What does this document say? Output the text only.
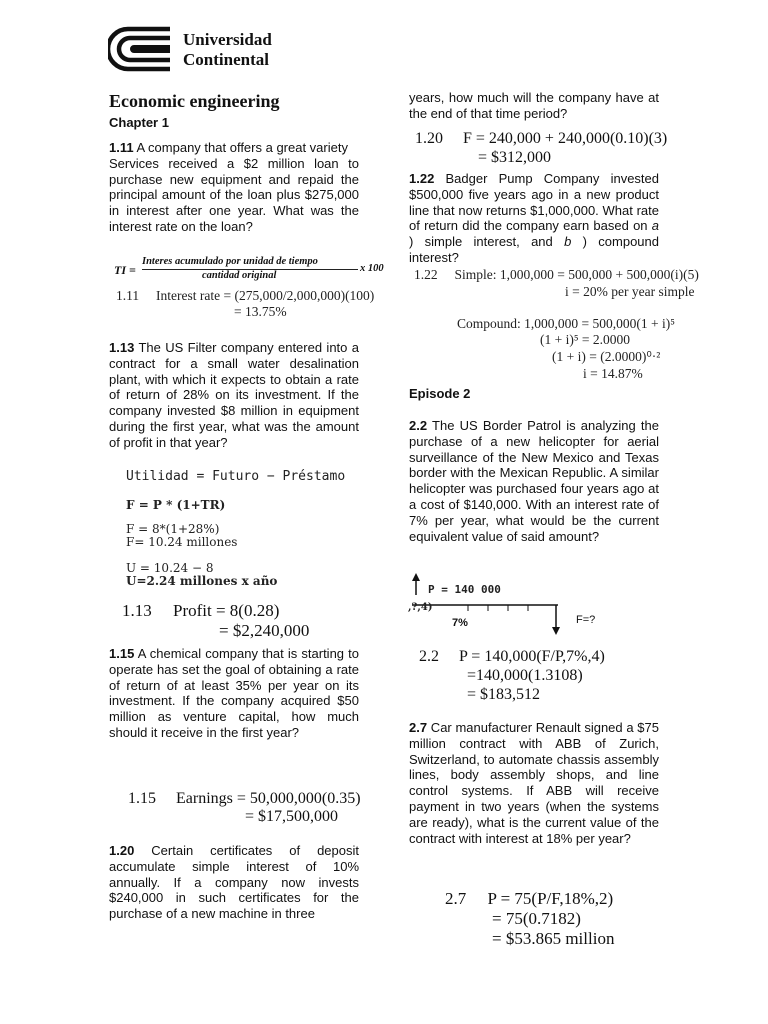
Universidad
Continental
Economic engineering
Chapter 1

1.11 A company that offers a great variety

Services received a $2 million loan to purchase new equipment and repaid the principal amount of the loan plus $275,000 in interest after one year. What was the interest rate on the loan?

TI =
Interes acumulado por unidad de tiempo
cantidad original
x 100
1.11     Interest rate = (275,000/2,000,000)(100)
= 13.75%

1.13 The US Filter company entered into a contract for a small water desalination plant, with which it expects to obtain a rate of return of 28% on its investment. If the company invested $8 million in equipment during the first year, what was the amount of profit in that year?

Utilidad = Futuro − Préstamo
F = P * (1+TR)
F = 8*(1+28%)
F= 10.24 millones
U = 10.24 − 8
U=2.24 millones x año
1.13     Profit = 8(0.28)
= $2,240,000

1.15 A chemical company that is starting to operate has set the goal of obtaining a rate of return of at least 35% per year on its investment. If the company acquired $50 million as venture capital, how much should it receive in the first year?

1.15     Earnings = 50,000,000(0.35)
= $17,500,000

1.20 Certain certificates of deposit accumulate simple interest of 10% annually. If a company now invests $240,000 in such certificates for the purchase of a new machine in three

years, how much will the company have at the end of that time period?

1.20     F = 240,000 + 240,000(0.10)(3)
= $312,000

1.22 Badger Pump Company invested $500,000 five years ago in a new product line that now returns $1,000,000. What rate of return did the company earn based on a ) simple interest, and b ) compound interest?

1.22     Simple: 1,000,000 = 500,000 + 500,000(i)(5)
i = 20% per year simple
Compound: 1,000,000 = 500,000(1 + i)⁵
(1 + i)⁵ = 2.0000
(1 + i) = (2.0000)⁰·²
i = 14.87%
Episode 2

2.2 The US Border Patrol is analyzing the purchase of a new helicopter for aerial surveillance of the New Mexico and Texas border with the Mexican Republic. A similar helicopter was purchased four years ago at a cost of $140,000. With an interest rate of 7% per year, what would be the current equivalent value of said amount?

P = 140 000
,?,4)
7%	F=?
2.2     P = 140,000(F/P,7%,4)
=140,000(1.3108)
= $183,512

2.7 Car manufacturer Renault signed a $75 million contract with ABB of Zurich, Switzerland, to automate chassis assembly lines, body assembly shops, and line control systems. If ABB will receive payment in two years (when the systems are ready), what is the current value of the contract with interest at 18% per year?

2.7     P = 75(P/F,18%,2)
= 75(0.7182)
= $53.865 million
